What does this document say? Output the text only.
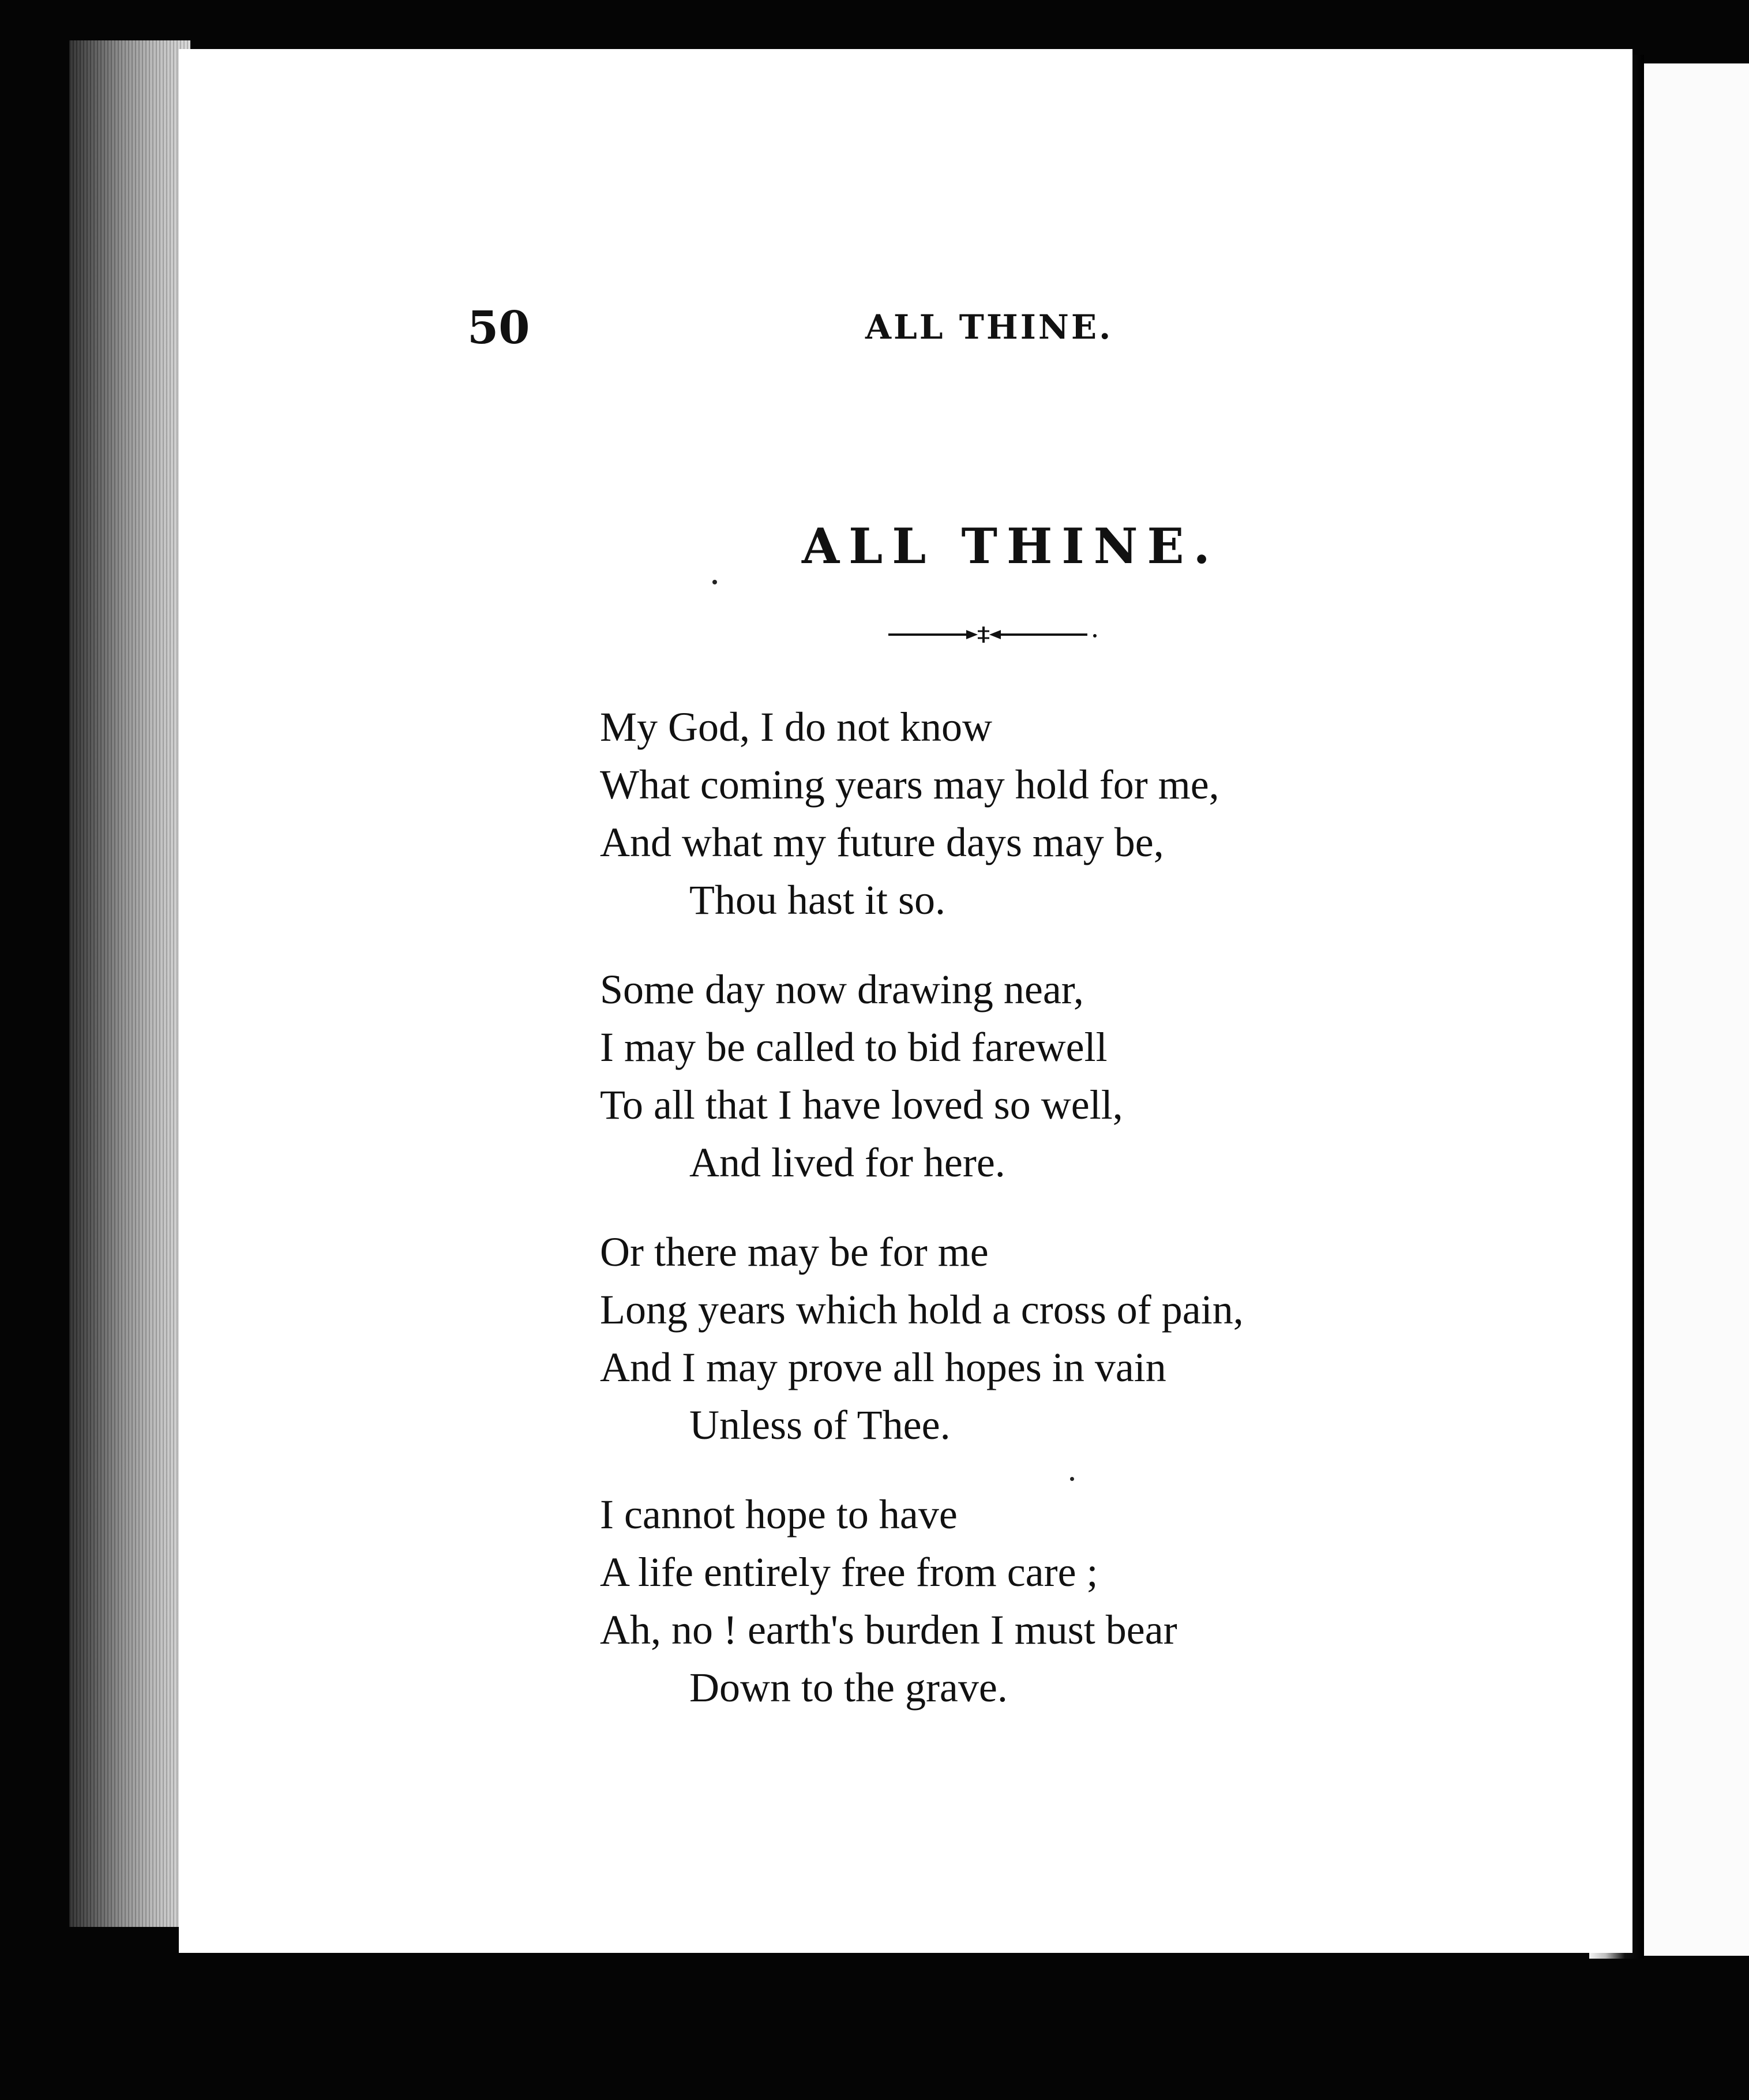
50	ALL THINE.
ALL THINE.
My God, I do not know
What coming years may hold for me,
And what my future days may be,
Thou hast it so.
Some day now drawing near,
I may be called to bid farewell
To all that I have loved so well,
And lived for here.
Or there may be for me
Long years which hold a cross of pain,
And I may prove all hopes in vain
Unless of Thee.
I cannot hope to have
A life entirely free from care ;
Ah, no ! earth's burden I must bear
Down to the grave.
